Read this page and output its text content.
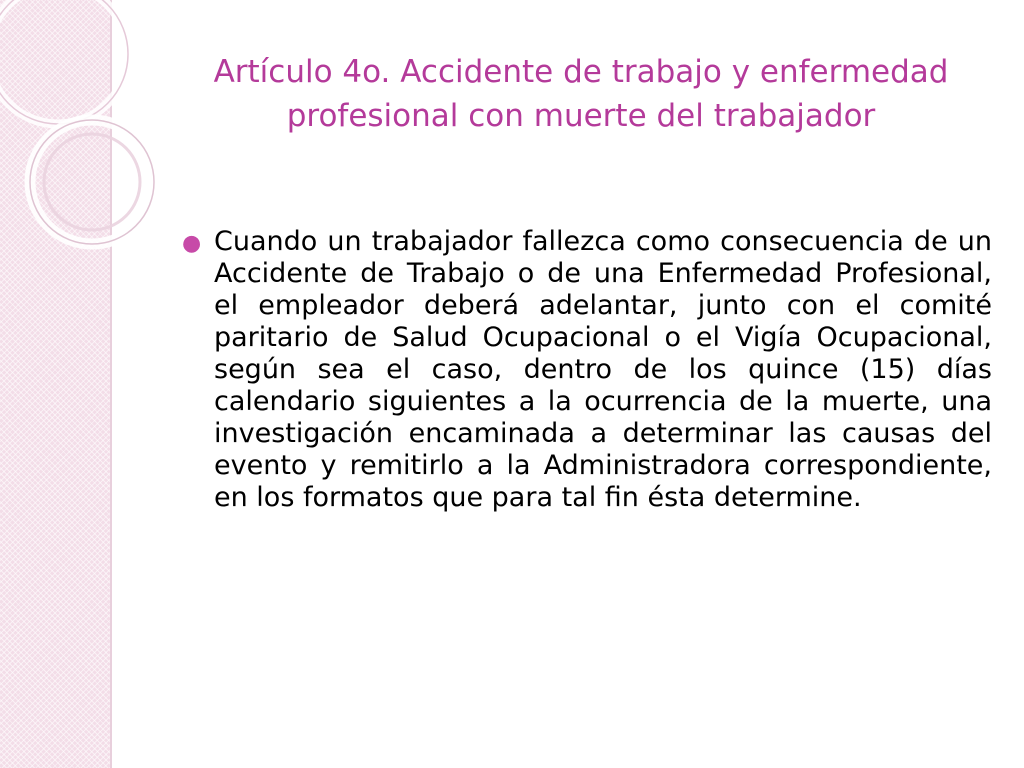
Artículo 4o. Accidente de trabajo y enfermedad profesional con muerte del trabajador
● Cuando un trabajador fallezca como consecuencia de un Accidente de Trabajo o de una Enfermedad Profesional, el empleador deberá adelantar, junto con el comité paritario de Salud Ocupacional o el Vigía Ocupacional, según sea el caso, dentro de los quince (15) días calendario siguientes a la ocurrencia de la muerte, una investigación encaminada a determinar las causas del evento y remitirlo a la Administradora correspondiente, en los formatos que para tal fin ésta determine.
